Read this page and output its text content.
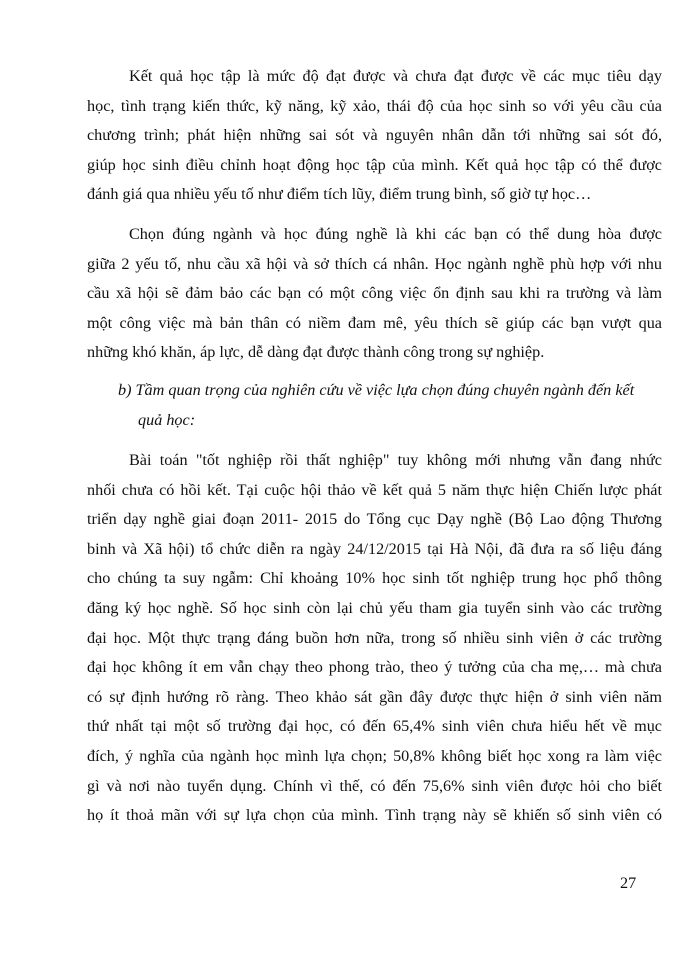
Kết quả học tập là mức độ đạt được và chưa đạt được về các mục tiêu dạy
học, tình trạng kiến thức, kỹ năng, kỹ xảo, thái độ của học sinh so với yêu cầu của
chương trình; phát hiện những sai sót và nguyên nhân dẫn tới những sai sót đó,
giúp học sinh điều chỉnh hoạt động học tập của mình. Kết quả học tập có thể được
đánh giá qua nhiều yếu tố như điểm tích lũy, điểm trung bình, số giờ tự học…
Chọn đúng ngành và học đúng nghề là khi các bạn có thể dung hòa được
giữa 2 yếu tố, nhu cầu xã hội và sở thích cá nhân. Học ngành nghề phù hợp với nhu
cầu xã hội sẽ đảm bảo các bạn có một công việc ổn định sau khi ra trường và làm
một công việc mà bản thân có niềm đam mê, yêu thích sẽ giúp các bạn vượt qua
những khó khăn, áp lực, dễ dàng đạt được thành công trong sự nghiệp.
b) Tầm quan trọng của nghiên cứu về việc lựa chọn đúng chuyên ngành đến kết
quả học:
Bài toán "tốt nghiệp rồi thất nghiệp" tuy không mới nhưng vẫn đang nhức
nhối chưa có hồi kết. Tại cuộc hội thảo về kết quả 5 năm thực hiện Chiến lược phát
triển dạy nghề giai đoạn 2011- 2015 do Tổng cục Dạy nghề (Bộ Lao động Thương
binh và Xã hội) tổ chức diễn ra ngày 24/12/2015 tại Hà Nội, đã đưa ra số liệu đáng
cho chúng ta suy ngẫm: Chỉ khoảng 10% học sinh tốt nghiệp trung học phổ thông
đăng ký học nghề. Số học sinh còn lại chủ yếu tham gia tuyển sinh vào các trường
đại học. Một thực trạng đáng buồn hơn nữa, trong số nhiều sinh viên ở các trường
đại học không ít em vẫn chạy theo phong trào, theo ý tưởng của cha mẹ,… mà chưa
có sự định hướng rõ ràng. Theo khảo sát gần đây được thực hiện ở sinh viên năm
thứ nhất tại một số trường đại học, có đến 65,4% sinh viên chưa hiểu hết về mục
đích, ý nghĩa của ngành học mình lựa chọn; 50,8% không biết học xong ra làm việc
gì và nơi nào tuyển dụng. Chính vì thế, có đến 75,6% sinh viên được hỏi cho biết
họ ít thoả mãn với sự lựa chọn của mình. Tình trạng này sẽ khiến số sinh viên có
27
